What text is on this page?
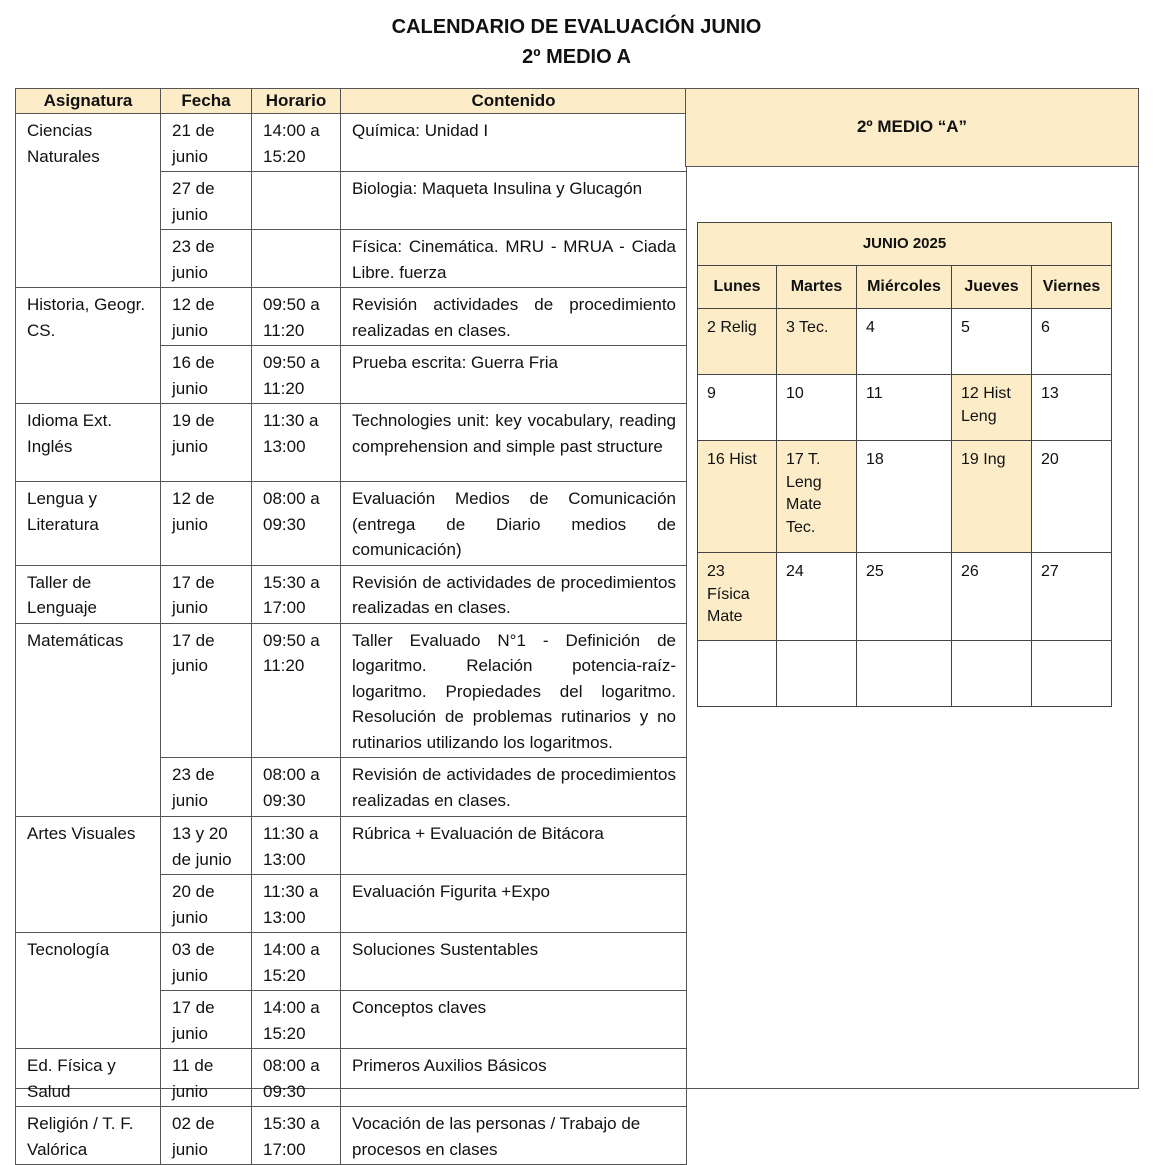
CALENDARIO DE EVALUACIÓN JUNIO
2º MEDIO A
Asignatura	Fecha	Horario	Contenido
Ciencias Naturales	21 de junio	14:00 a 15:20	Química: Unidad I
	27 de junio		Biologia: Maqueta Insulina y Glucagón
	23 de junio		Física: Cinemática. MRU - MRUA - Ciada Libre. fuerza
Historia, Geogr. CS.	12 de junio	09:50 a 11:20	Revisión actividades de procedimiento realizadas en clases.
	16 de junio	09:50 a 11:20	Prueba escrita: Guerra Fria
Idioma Ext. Inglés	19 de junio	11:30 a 13:00	Technologies unit: key vocabulary, reading comprehension and simple past structure
Lengua y Literatura	12 de junio	08:00 a 09:30	Evaluación Medios de Comunicación (entrega de Diario medios de comunicación)
Taller de Lenguaje	17 de junio	15:30 a 17:00	Revisión de actividades de procedimientos realizadas en clases.
Matemáticas	17 de junio	09:50 a 11:20	Taller Evaluado N°1 - Definición de logaritmo. Relación potencia-raíz-logaritmo. Propiedades del logaritmo. Resolución de problemas rutinarios y no rutinarios utilizando los logaritmos.
	23 de junio	08:00 a 09:30	Revisión de actividades de procedimientos realizadas en clases.
Artes Visuales	13 y 20 de junio	11:30 a 13:00	Rúbrica + Evaluación de Bitácora
	20 de junio	11:30 a 13:00	Evaluación Figurita +Expo
Tecnología	03 de junio	14:00 a 15:20	Soluciones Sustentables
	17 de junio	14:00 a 15:20	Conceptos claves
Ed. Física y Salud	11 de junio	08:00 a 09:30	Primeros Auxilios Básicos
Religión / T. F. Valórica	02 de junio	15:30 a 17:00	Vocación de las personas / Trabajo de procesos en clases
2º MEDIO “A”
JUNIO 2025				
Lunes	Martes	Miércoles	Jueves	Viernes
2 Relig	3 Tec.	4	5	6
9	10	11	12 Hist Leng	13
16 Hist	17 T. Leng Mate Tec.	18	19 Ing	20
23 Física Mate	24	25	26	27
